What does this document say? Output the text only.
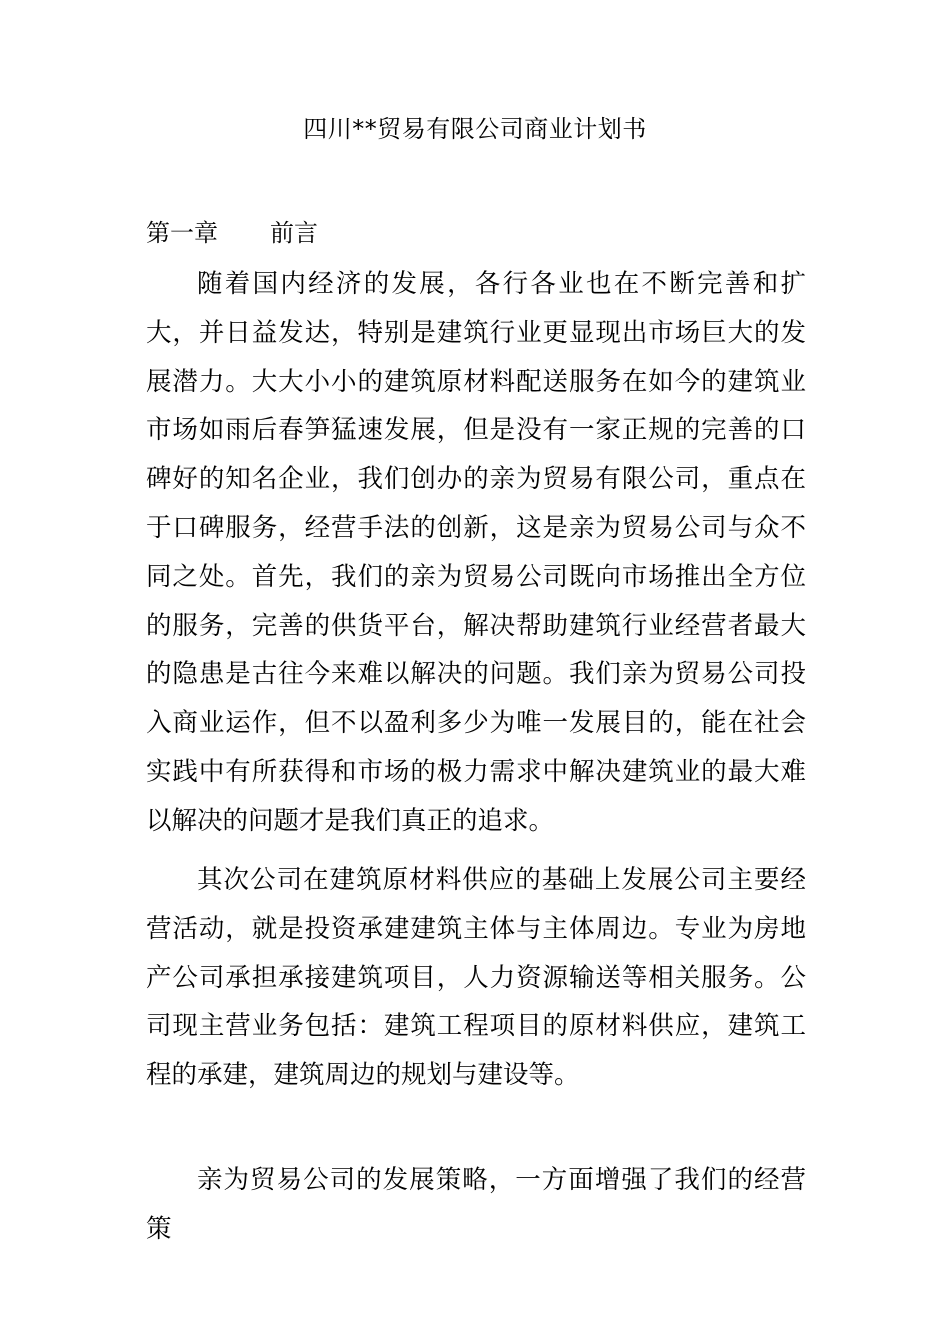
四川**贸易有限公司商业计划书
第一章 前言

随着国内经济的发展，各行各业也在不断完善和扩大，并日益发达，特别是建筑行业更显现出市场巨大的发展潜力。大大小小的建筑原材料配送服务在如今的建筑业市场如雨后春笋猛速发展，但是没有一家正规的完善的口碑好的知名企业，我们创办的亲为贸易有限公司，重点在于口碑服务，经营手法的创新，这是亲为贸易公司与众不同之处。首先，我们的亲为贸易公司既向市场推出全方位的服务，完善的供货平台，解决帮助建筑行业经营者最大的隐患是古往今来难以解决的问题。我们亲为贸易公司投入商业运作，但不以盈利多少为唯一发展目的，能在社会实践中有所获得和市场的极力需求中解决建筑业的最大难以解决的问题才是我们真正的追求。

其次公司在建筑原材料供应的基础上发展公司主要经营活动，就是投资承建建筑主体与主体周边。专业为房地产公司承担承接建筑项目，人力资源输送等相关服务。公司现主营业务包括：建筑工程项目的原材料供应，建筑工程的承建，建筑周边的规划与建设等。

亲为贸易公司的发展策略，一方面增强了我们的经营策
